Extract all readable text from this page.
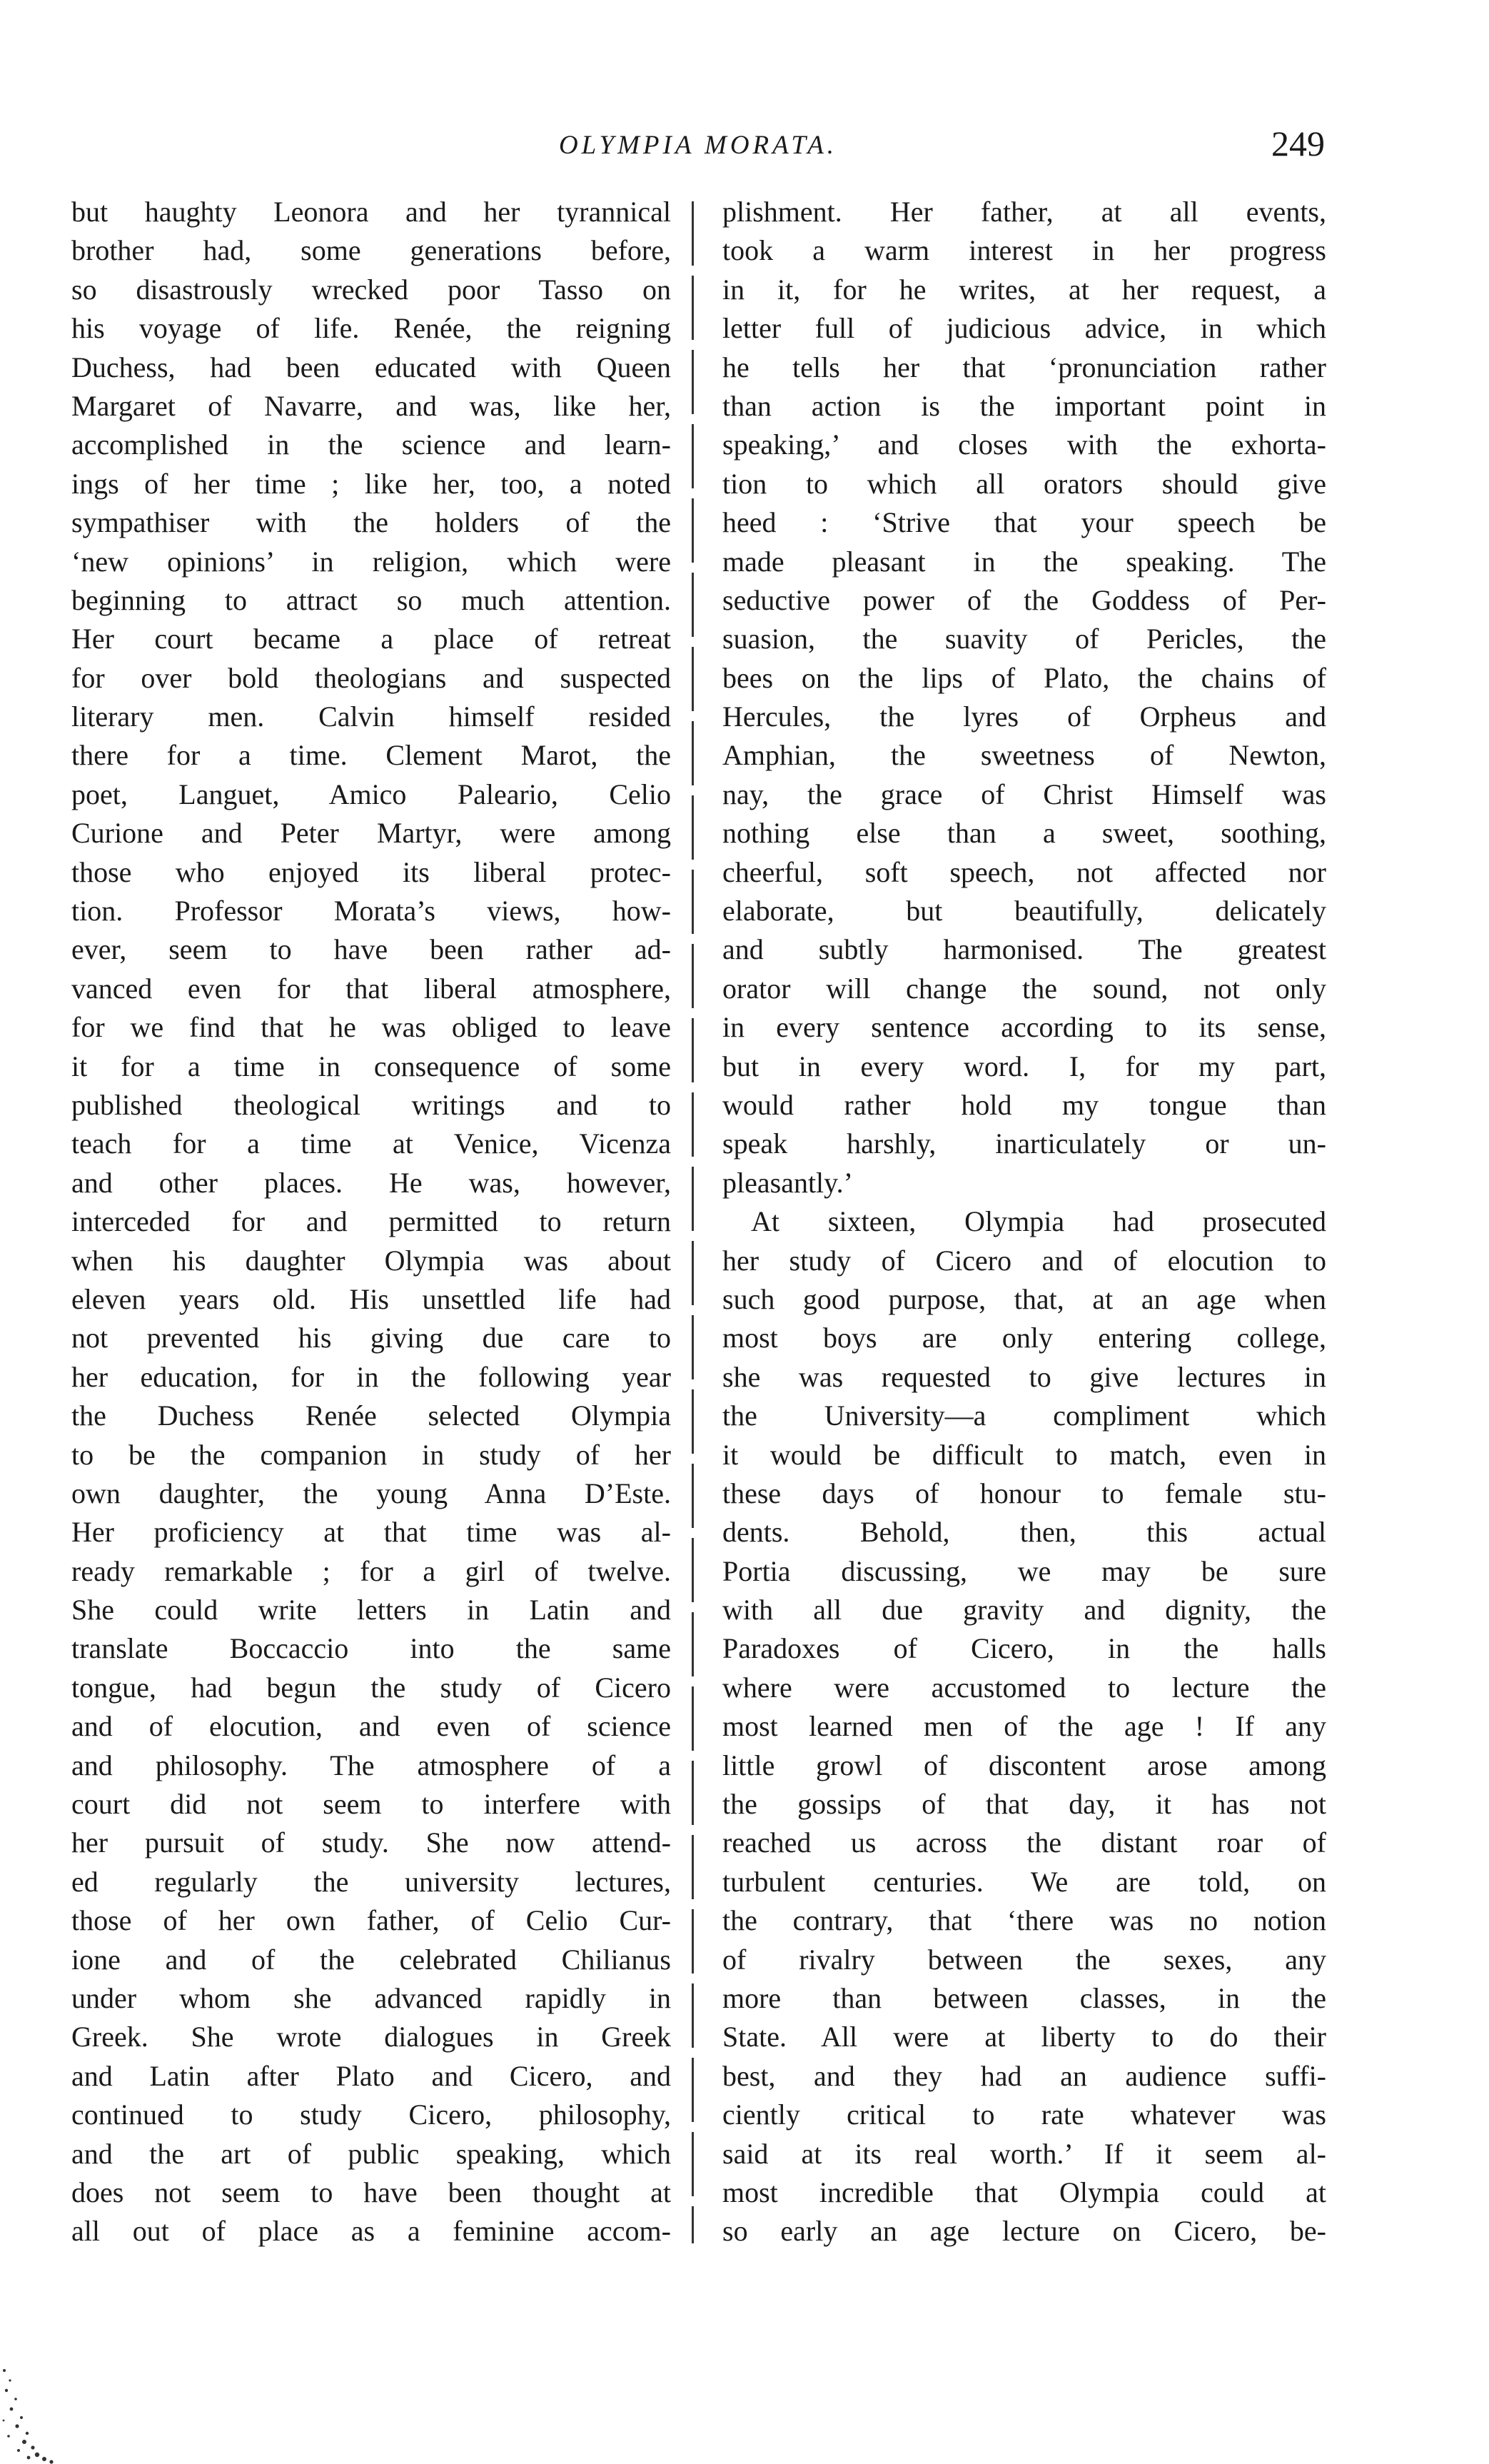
OLYMPIA MORATA.	249
but haughty Leonora and her tyrannical
brother had, some generations before,
so disastrously wrecked poor Tasso on
his voyage of life. Renée, the reigning
Duchess, had been educated with Queen
Margaret of Navarre, and was, like her,
accomplished in the science and learn-
ings of her time ; like her, too, a noted
sympathiser with the holders of the
‘new opinions’ in religion, which were
beginning to attract so much attention.
Her court became a place of retreat
for over bold theologians and suspected
literary men. Calvin himself resided
there for a time. Clement Marot, the
poet, Languet, Amico Paleario, Celio
Curione and Peter Martyr, were among
those who enjoyed its liberal protec-
tion. Professor Morata’s views, how-
ever, seem to have been rather ad-
vanced even for that liberal atmosphere,
for we find that he was obliged to leave
it for a time in consequence of some
published theological writings and to
teach for a time at Venice, Vicenza
and other places. He was, however,
interceded for and permitted to return
when his daughter Olympia was about
eleven years old. His unsettled life had
not prevented his giving due care to
her education, for in the following year
the Duchess Renée selected Olympia
to be the companion in study of her
own daughter, the young Anna D’Este.
Her proficiency at that time was al-
ready remarkable ; for a girl of twelve.
She could write letters in Latin and
translate Boccaccio into the same
tongue, had begun the study of Cicero
and of elocution, and even of science
and philosophy. The atmosphere of a
court did not seem to interfere with
her pursuit of study. She now attend-
ed regularly the university lectures,
those of her own father, of Celio Cur-
ione and of the celebrated Chilianus
under whom she advanced rapidly in
Greek. She wrote dialogues in Greek
and Latin after Plato and Cicero, and
continued to study Cicero, philosophy,
and the art of public speaking, which
does not seem to have been thought at
all out of place as a feminine accom-
plishment. Her father, at all events,
took a warm interest in her progress
in it, for he writes, at her request, a
letter full of judicious advice, in which
he tells her that ‘pronunciation rather
than action is the important point in
speaking,’ and closes with the exhorta-
tion to which all orators should give
heed : ‘Strive that your speech be
made pleasant in the speaking. The
seductive power of the Goddess of Per-
suasion, the suavity of Pericles, the
bees on the lips of Plato, the chains of
Hercules, the lyres of Orpheus and
Amphian, the sweetness of Newton,
nay, the grace of Christ Himself was
nothing else than a sweet, soothing,
cheerful, soft speech, not affected nor
elaborate, but beautifully, delicately
and subtly harmonised. The greatest
orator will change the sound, not only
in every sentence according to its sense,
but in every word. I, for my part,
would rather hold my tongue than
speak harshly, inarticulately or un-
pleasantly.’
At sixteen, Olympia had prosecuted
her study of Cicero and of elocution to
such good purpose, that, at an age when
most boys are only entering college,
she was requested to give lectures in
the University—a compliment which
it would be difficult to match, even in
these days of honour to female stu-
dents. Behold, then, this actual
Portia discussing, we may be sure
with all due gravity and dignity, the
Paradoxes of Cicero, in the halls
where were accustomed to lecture the
most learned men of the age ! If any
little growl of discontent arose among
the gossips of that day, it has not
reached us across the distant roar of
turbulent centuries. We are told, on
the contrary, that ‘there was no notion
of rivalry between the sexes, any
more than between classes, in the
State. All were at liberty to do their
best, and they had an audience suffi-
ciently critical to rate whatever was
said at its real worth.’ If it seem al-
most incredible that Olympia could at
so early an age lecture on Cicero, be-
